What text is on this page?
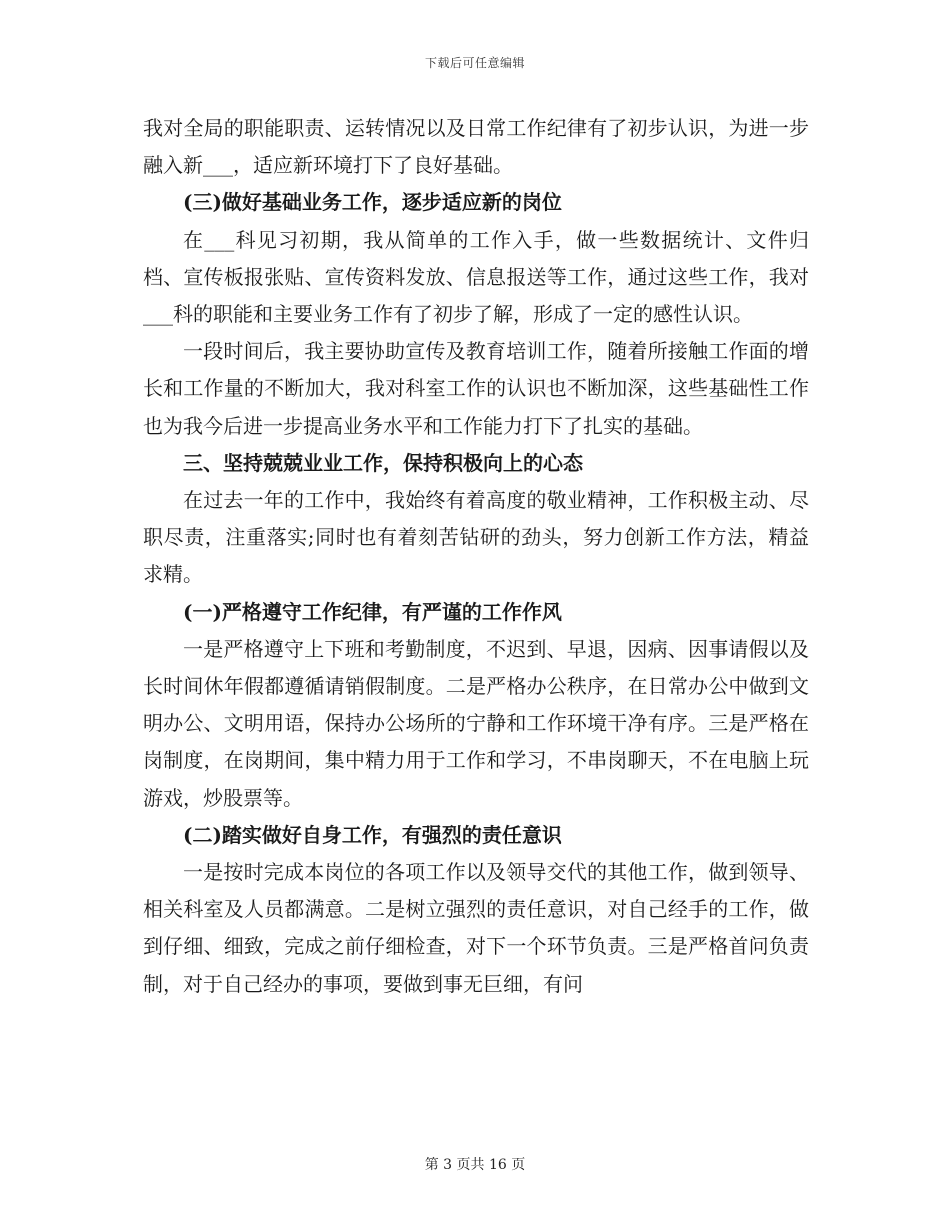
下载后可任意编辑

我对全局的职能职责、运转情况以及日常工作纪律有了初步认识，为进一步融入新___，适应新环境打下了良好基础。

(三)做好基础业务工作，逐步适应新的岗位

在___科见习初期，我从简单的工作入手，做一些数据统计、文件归档、宣传板报张贴、宣传资料发放、信息报送等工作，通过这些工作，我对___科的职能和主要业务工作有了初步了解，形成了一定的感性认识。

一段时间后，我主要协助宣传及教育培训工作，随着所接触工作面的增长和工作量的不断加大，我对科室工作的认识也不断加深，这些基础性工作也为我今后进一步提高业务水平和工作能力打下了扎实的基础。

三、坚持兢兢业业工作，保持积极向上的心态

在过去一年的工作中，我始终有着高度的敬业精神，工作积极主动、尽职尽责，注重落实;同时也有着刻苦钻研的劲头，努力创新工作方法，精益求精。

(一)严格遵守工作纪律，有严谨的工作作风

一是严格遵守上下班和考勤制度，不迟到、早退，因病、因事请假以及长时间休年假都遵循请销假制度。二是严格办公秩序，在日常办公中做到文明办公、文明用语，保持办公场所的宁静和工作环境干净有序。三是严格在岗制度，在岗期间，集中精力用于工作和学习，不串岗聊天，不在电脑上玩游戏，炒股票等。

(二)踏实做好自身工作，有强烈的责任意识

一是按时完成本岗位的各项工作以及领导交代的其他工作，做到领导、相关科室及人员都满意。二是树立强烈的责任意识，对自己经手的工作，做到仔细、细致，完成之前仔细检查，对下一个环节负责。三是严格首问负责制，对于自己经办的事项，要做到事无巨细，有问

第 3 页共 16 页
